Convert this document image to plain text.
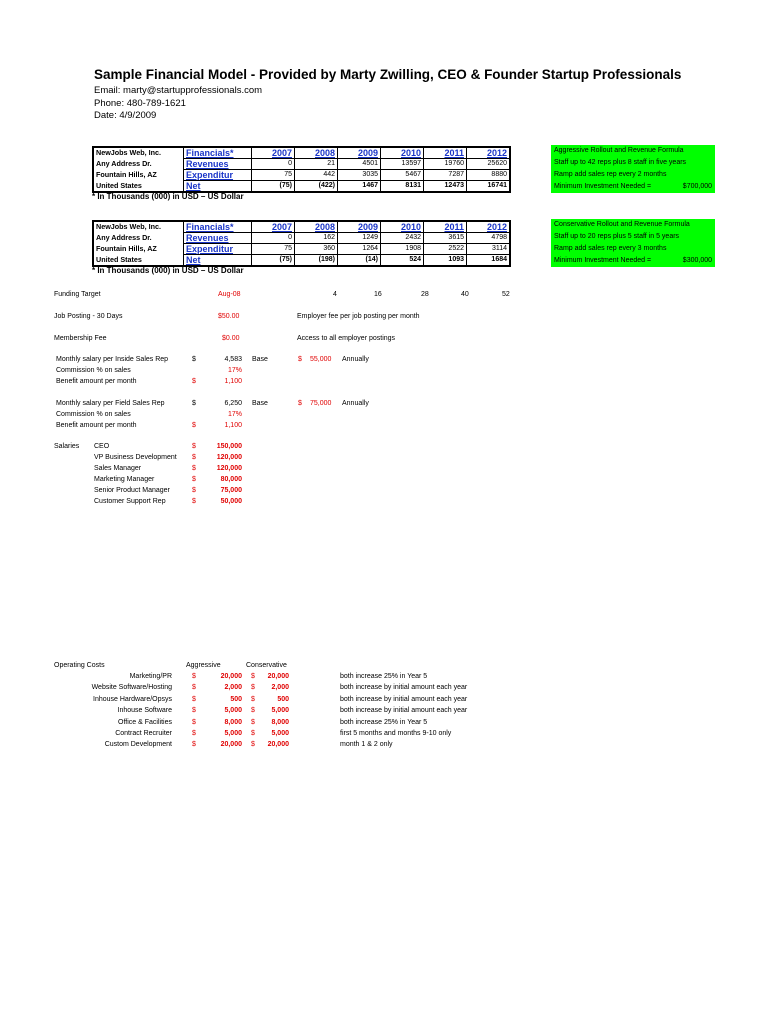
Sample Financial Model - Provided by Marty Zwilling, CEO & Founder Startup Professionals
Email: marty@startupprofessionals.com
Phone: 480-789-1621
Date: 4/9/2009
NewJobs Web, Inc.	Financials*	2007	2008	2009	2010	2011	2012
Any Address Dr.	Revenues	0	21	4501	13597	19760	25620
Fountain Hills, AZ	Expenditur	75	442	3035	5467	7287	8880
United States	Net	(75)	(422)	1467	8131	12473	16741
* In Thousands (000) in USD – US Dollar
NewJobs Web, Inc.	Financials*	2007	2008	2009	2010	2011	2012
Any Address Dr.	Revenues	0	162	1249	2432	3615	4798
Fountain Hills, AZ	Expenditur	75	360	1264	1908	2522	3114
United States	Net	(75)	(198)	(14)	524	1093	1684
* In Thousands (000) in USD – US Dollar
Aggressive Rollout and Revenue Formula
Staff up to 42 reps plus 8 staff in five years
Ramp add sales rep every 2 months
Minimum Investment Needed =	$700,000
Conservative Rollout and Revenue Formula
Staff up to 20 reps plus 5 staff in 5 years
Ramp add sales rep every 3 months
Minimum Investment Needed =	$300,000
Funding Target	Aug-08	4	16	28	40	52
Job Posting - 30 Days	$50.00	Employer fee per job posting per month
Membership Fee	$0.00	Access to all employer postings
Monthly salary per Inside Sales Rep	$	4,583 Base	$ 55,000 Annually
Commission % on sales	17%
Benefit amount per month	$	1,100
Monthly salary per Field Sales Rep	$	6,250 Base	$ 75,000 Annually
Commission % on sales	17%
Benefit amount per month	$	1,100
Salaries CEO	$	150,000
VP Business Development $	120,000
Sales Manager	$	120,000
Marketing Manager	$	80,000
Senior Product Manager	$	75,000
Customer Support Rep	$	50,000
Operating Costs	Aggressive	Conservative
Marketing/PR	$	20,000 $	20,000	both increase 25% in Year 5
Website Software/Hosting	$	2,000 $	2,000	both increase by initial amount each year
Inhouse Hardware/Opsys	$	500 $	500	both increase by initial amount each year
Inhouse Software	$	5,000 $	5,000	both increase by initial amount each year
Office & Facilities	$	8,000 $	8,000	both increase 25% in Year 5
Contract Recruiter	$	5,000 $	5,000	first 5 months and months 9-10 only
Custom Development	$	20,000 $	20,000	month 1 & 2 only
